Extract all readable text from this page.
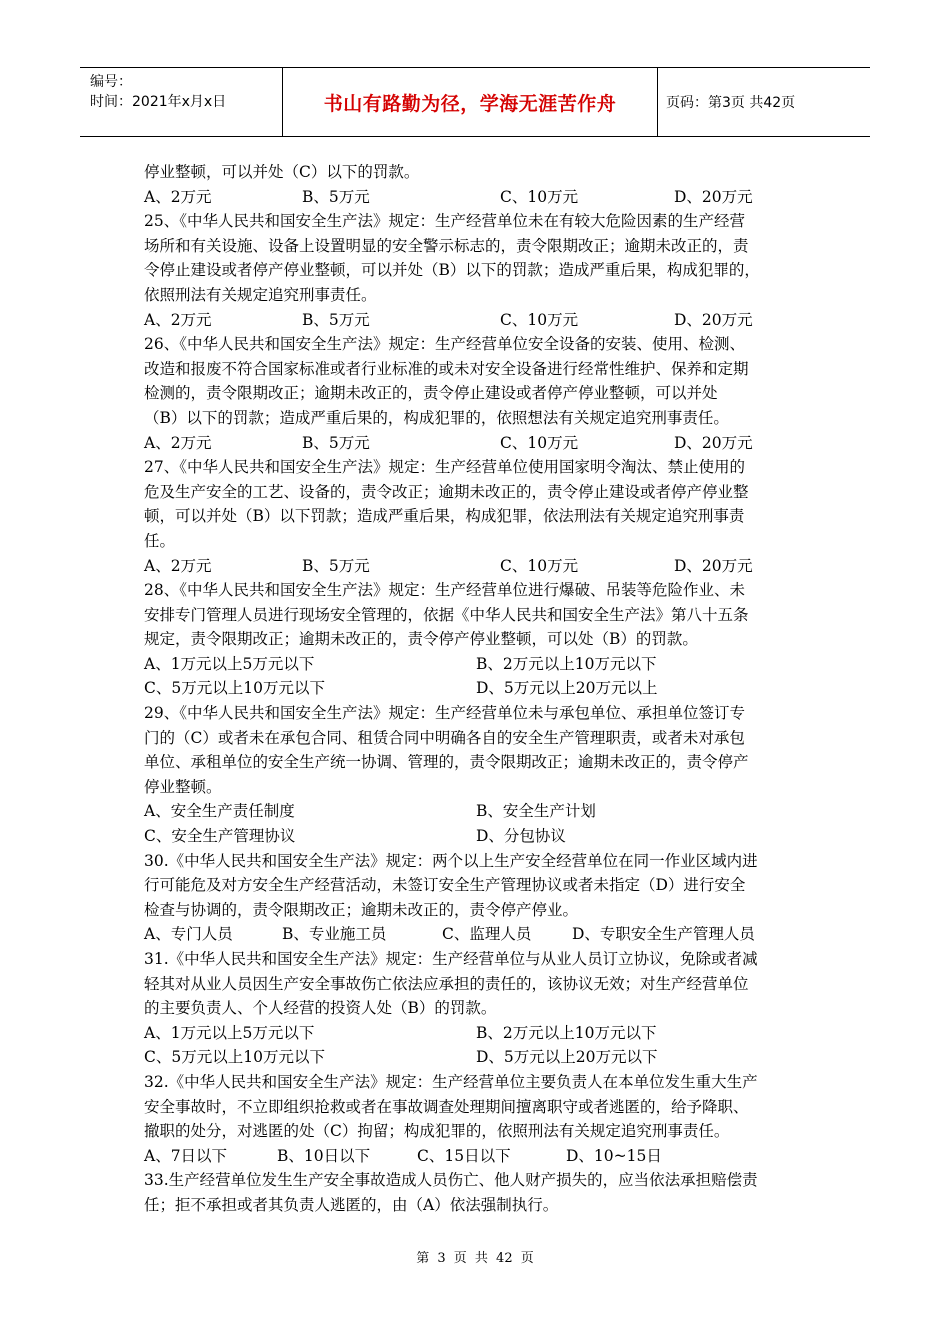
编号：
时间：2021年x月x日	书山有路勤为径，学海无涯苦作舟	页码：第3页 共42页
停业整顿，可以并处（C）以下的罚款。
A、2万元	B、5万元	C、10万元	D、20万元
25、《中华人民共和国安全生产法》规定：生产经营单位未在有较大危险因素的生产经营
场所和有关设施、设备上设置明显的安全警示标志的，责令限期改正；逾期未改正的，责
令停止建设或者停产停业整顿，可以并处（B）以下的罚款；造成严重后果，构成犯罪的，
依照刑法有关规定追究刑事责任。
A、2万元	B、5万元	C、10万元	D、20万元
26、《中华人民共和国安全生产法》规定：生产经营单位安全设备的安装、使用、检测、
改造和报废不符合国家标准或者行业标准的或未对安全设备进行经常性维护、保养和定期
检测的，责令限期改正；逾期未改正的，责令停止建设或者停产停业整顿，可以并处
（B）以下的罚款；造成严重后果的，构成犯罪的，依照想法有关规定追究刑事责任。
A、2万元	B、5万元	C、10万元	D、20万元
27、《中华人民共和国安全生产法》规定：生产经营单位使用国家明令淘汰、禁止使用的
危及生产安全的工艺、设备的，责令改正；逾期未改正的，责令停止建设或者停产停业整
顿，可以并处（B）以下罚款；造成严重后果，构成犯罪，依法刑法有关规定追究刑事责
任。
A、2万元	B、5万元	C、10万元	D、20万元
28、《中华人民共和国安全生产法》规定：生产经营单位进行爆破、吊装等危险作业、未
安排专门管理人员进行现场安全管理的，依据《中华人民共和国安全生产法》第八十五条
规定，责令限期改正；逾期未改正的，责令停产停业整顿，可以处（B）的罚款。
A、1万元以上5万元以下	B、2万元以上10万元以下
C、5万元以上10万元以下	D、5万元以上20万元以上
29、《中华人民共和国安全生产法》规定：生产经营单位未与承包单位、承担单位签订专
门的（C）或者未在承包合同、租赁合同中明确各自的安全生产管理职责，或者未对承包
单位、承租单位的安全生产统一协调、管理的，责令限期改正；逾期未改正的，责令停产
停业整顿。
A、安全生产责任制度	B、安全生产计划
C、安全生产管理协议	D、分包协议
30.《中华人民共和国安全生产法》规定：两个以上生产安全经营单位在同一作业区域内进
行可能危及对方安全生产经营活动，未签订安全生产管理协议或者未指定（D）进行安全
检查与协调的，责令限期改正；逾期未改正的，责令停产停业。
A、专门人员	B、专业施工员	C、监理人员	D、专职安全生产管理人员
31.《中华人民共和国安全生产法》规定：生产经营单位与从业人员订立协议，免除或者减
轻其对从业人员因生产安全事故伤亡依法应承担的责任的，该协议无效；对生产经营单位
的主要负责人、个人经营的投资人处（B）的罚款。
A、1万元以上5万元以下	B、2万元以上10万元以下
C、5万元以上10万元以下	D、5万元以上20万元以下
32.《中华人民共和国安全生产法》规定：生产经营单位主要负责人在本单位发生重大生产
安全事故时，不立即组织抢救或者在事故调查处理期间擅离职守或者逃匿的，给予降职、
撤职的处分，对逃匿的处（C）拘留；构成犯罪的，依照刑法有关规定追究刑事责任。
A、7日以下	B、10日以下	C、15日以下	D、10~15日
33.生产经营单位发生生产安全事故造成人员伤亡、他人财产损失的，应当依法承担赔偿责
任；拒不承担或者其负责人逃匿的，由（A）依法强制执行。
第 3 页 共 42 页
